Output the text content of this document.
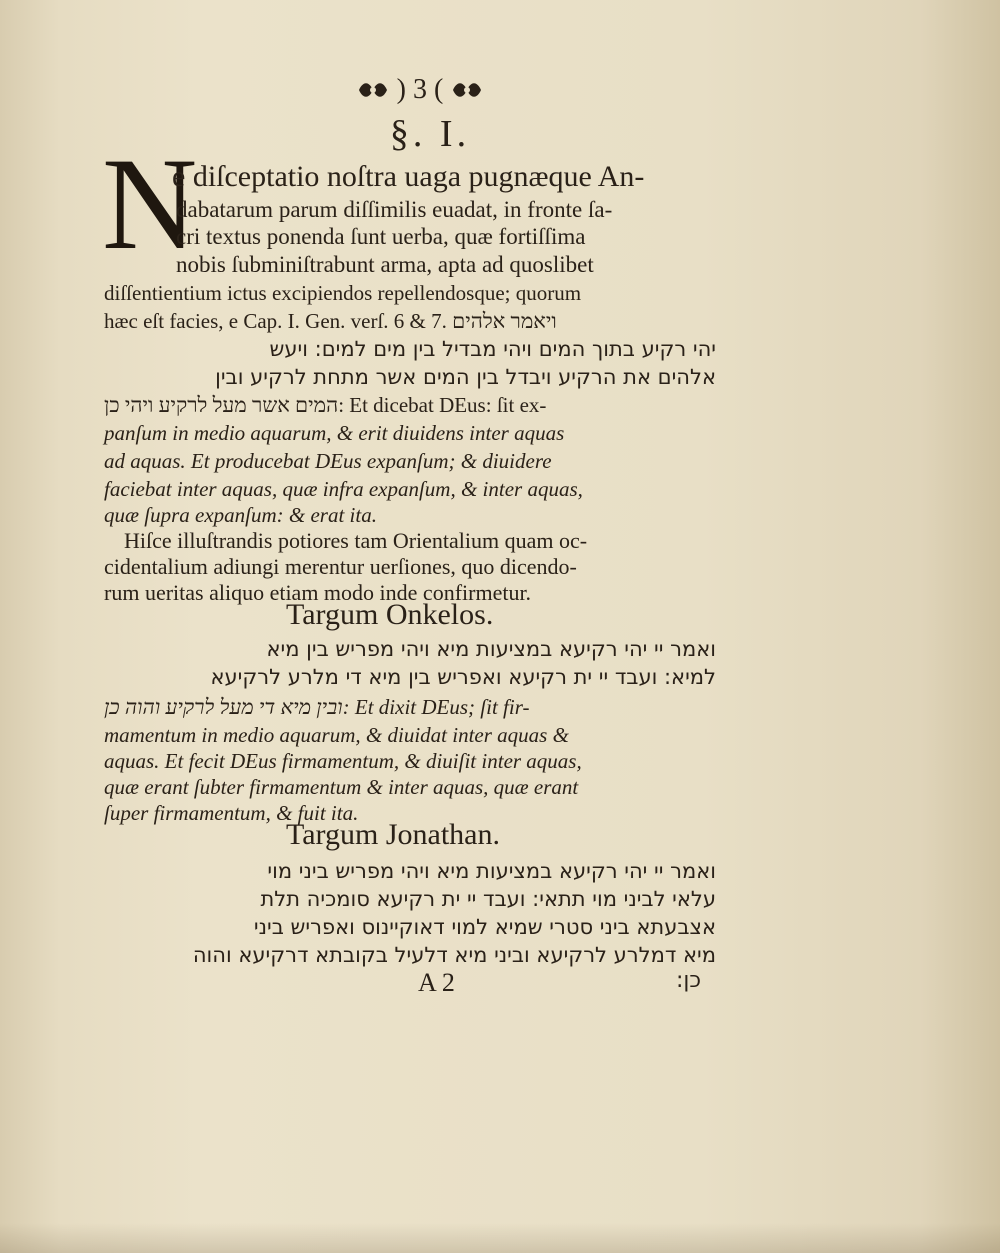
) 3 (
§. I.
N
e diſceptatio noſtra uaga pugnæque An-
dabatarum parum diſſimilis euadat, in fronte ſa-
cri textus ponenda ſunt uerba, quæ fortiſſima
nobis ſubminiſtrabunt arma, apta ad quoslibet
diſſentientium ictus excipiendos repellendosque; quorum
hæc eſt facies, e Cap. I. Gen. verſ. 6 & 7. ויאמר אלהים
יהי רקיע בתוך המים ויהי מבדיל בין מים למים: ויעש
אלהים את הרקיע ויבדל בין המים אשר מתחת לרקיע ובין
המים אשר מעל לרקיע ויהי כן: Et dicebat DEus: ſit ex-
panſum in medio aquarum, & erit diuidens inter aquas
ad aquas. Et producebat DEus expanſum; & diuidere
faciebat inter aquas, quæ infra expanſum, & inter aquas,
quæ ſupra expanſum: & erat ita.
Hiſce illuſtrandis potiores tam Orientalium quam oc-
cidentalium adiungi merentur uerſiones, quo dicendo-
rum ueritas aliquo etiam modo inde confirmetur.
Targum Onkelos.
ואמר יי יהי רקיעא במציעות מיא ויהי מפריש בין מיא
למיא: ועבד יי ית רקיעא ואפריש בין מיא די מלרע לרקיעא
ובין מיא די מעל לרקיע והוה כן: Et dixit DEus; ſit fir-
mamentum in medio aquarum, & diuidat inter aquas &
aquas. Et fecit DEus firmamentum, & diuiſit inter aquas,
quæ erant ſubter firmamentum & inter aquas, quæ erant
ſuper firmamentum, & fuit ita.
Targum Jonathan.
ואמר יי יהי רקיעא במציעות מיא ויהי מפריש ביני מוי
עלאי לביני מוי תתאי: ועבד יי ית רקיעא סומכיה תלת
אצבעתא ביני סטרי שמיא למוי דאוקיינוס ואפריש ביני
מיא דמלרע לרקיעא וביני מיא דלעיל בקובתא דרקיעא והוה
A 2	כן:
